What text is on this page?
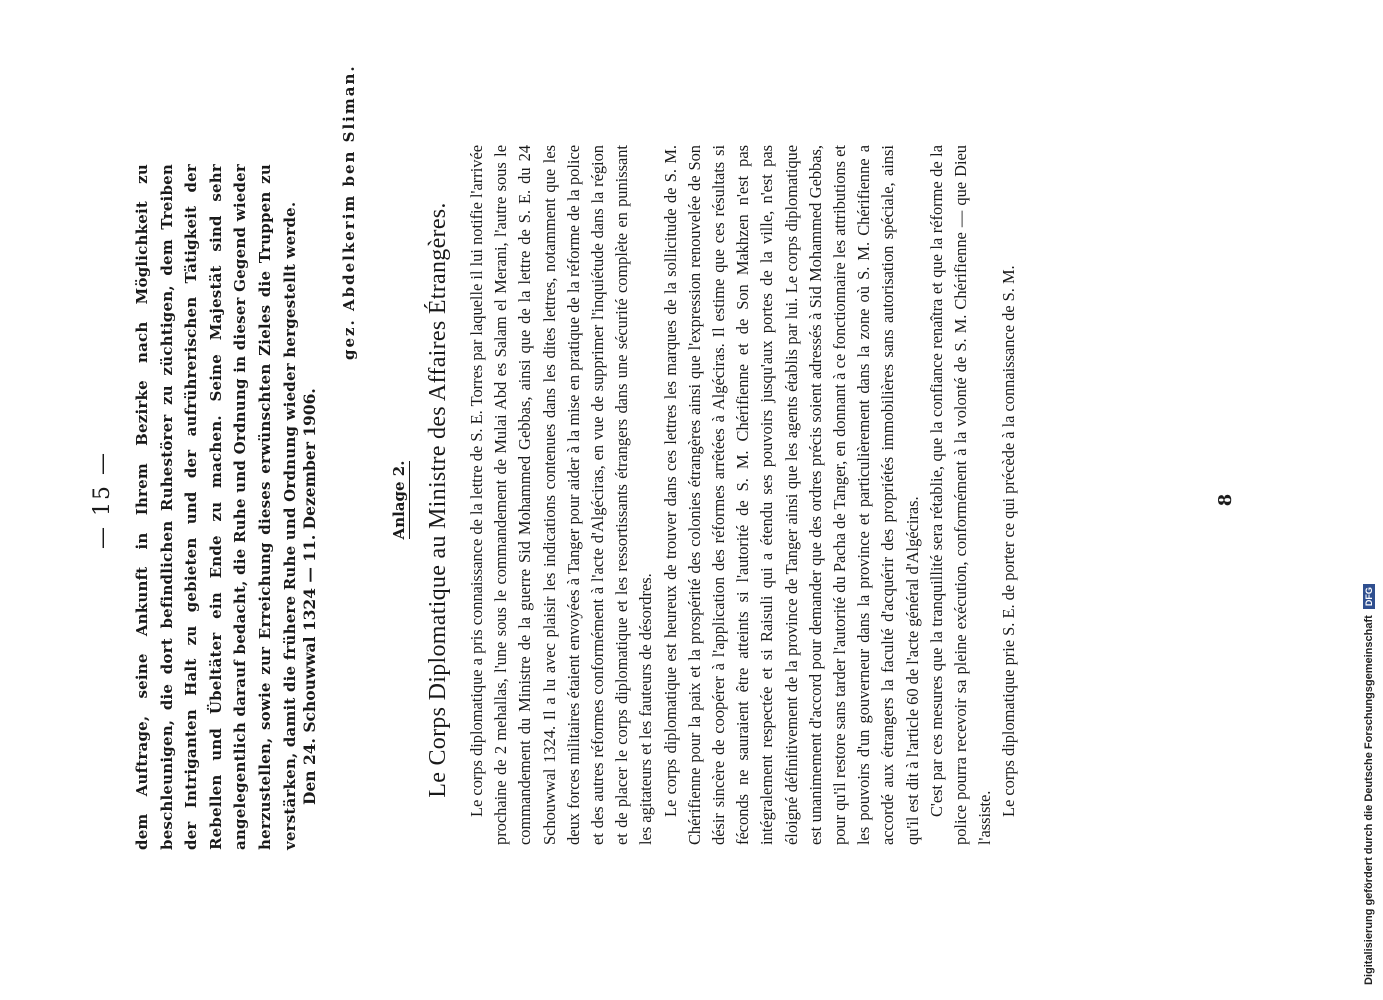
— 15 — dem Auftrage, seine Ankunft in Ihrem Bezirke nach Möglichkeit zu beschleunigen, die dort befindlichen Ruhestörer zu züchtigen, dem Treiben der Intriganten Halt zu gebieten und der aufrührerischen Tätigkeit der Rebellen und Übeltäter ein Ende zu machen. Seine Majestät sind sehr angelegentlich darauf bedacht, die Ruhe und Ordnung in dieser Gegend wieder herzustellen, sowie zur Erreichung dieses erwünschten Zieles die Truppen zu verstärken, damit die frühere Ruhe und Ordnung wieder hergestellt werde. Den 24. Schouwwal 1324 — 11. Dezember 1906.
gez. Abdelkerim ben Sliman.
Anlage 2. Le Corps Diplomatique au Ministre des Affaires Étrangères. Le corps diplomatique a pris connaissance de la lettre de S. E. Torres par laquelle il lui notifie l'arrivée prochaine de 2 mehallas, l'une sous le commandement de Mulai Abd es Salam el Merani, l'autre sous le commandement du Ministre de la guerre Sid Mohammed Gebbas, ainsi que de la lettre de S. E. du 24 Schouwwal 1324. Il a lu avec plaisir les indications contenues dans les dites lettres, notamment que les deux forces militaires étaient envoyées à Tanger pour aider à la mise en pratique de la réforme de la police et des autres réformes conformément à l'acte d'Algéciras, en vue de supprimer l'inquiétude dans la région et de placer le corps diplomatique et les ressortissants étrangers dans une sécurité complète en punissant les agitateurs et les fauteurs de désordres. Le corps diplomatique est heureux de trouver dans ces lettres les marques de la sollicitude de S. M. Chérifienne pour la paix et la prospérité des colonies étrangères ainsi que l'expression renouvelée de Son désir sincère de coopérer à l'application des réformes arrêtées à Algéciras. Il estime que ces résultats si féconds ne sauraient être atteints si l'autorité de S. M. Chérifienne et de Son Makhzen n'est pas intégralement respectée et si Raisuli qui a étendu ses pouvoirs jusqu'aux portes de la ville, n'est pas éloigné définitivement de la province de Tanger ainsi que les agents établis par lui. Le corps diplomatique est unanimement d'accord pour demander que des ordres précis soient adressés à Sid Mohammed Gebbas, pour qu'il restore sans tarder l'autorité du Pacha de Tanger, en donnant à ce fonctionnaire les attributions et les pouvoirs d'un gouverneur dans la province et particulièrement dans la zone où S. M. Chérifienne a accordé aux étrangers la faculté d'acquérir des propriétés immobilières sans autorisation spéciale, ainsi qu'il est dit à l'article 60 de l'acte général d'Algéciras. C'est par ces mesures que la tranquillité sera rétablie, que la confiance renaîtra et que la réforme de la police pourra recevoir sa pleine exécution, conformément à la volonté de S. M. Chérifienne — que Dieu l'assiste.

Le corps diplomatique prie S. E. de porter ce qui précède à la connaissance de S. M.	8
Digitalisierung gefördert durch die Deutsche Forschungsgemeinschaft DFG
